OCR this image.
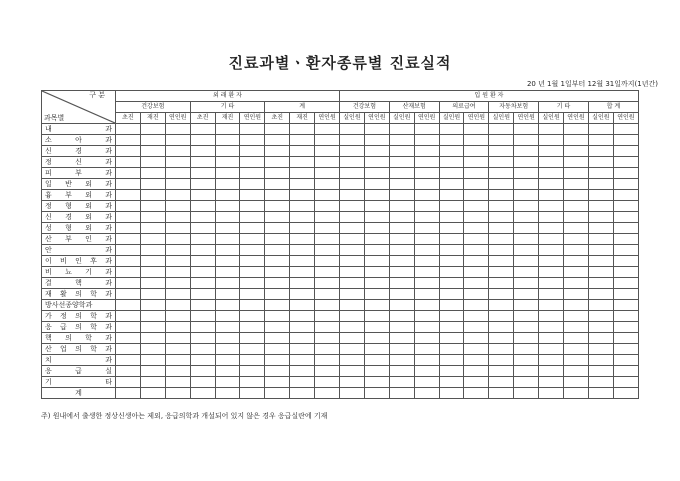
진료과별ㆍ환자종류별 진료실적
20 년 1월 1일부터 12월 31일까지(1년간)
구 분
과목별	외 래 환 자									입 원 환 자											
	건강보험			기 타			계			건강보험		산재보험		의료급여		자동차보험		기 타		합 계	
	초진	재진	연인원	초진	재진	연인원	초진	재진	연인원	실인원	연인원	실인원	연인원	실인원	연인원	실인원	연인원	실인원	연인원	실인원	연인원
내 과																					
소 아 과																					
신 경 과																					
정 신 과																					
피 부 과																					
일 반 외 과																					
흉 부 외 과																					
정 형 외 과																					
신 경 외 과																					
성 형 외 과																					
산 부 인 과																					
안 과																					
이 비 인 후 과																					
비 뇨 기 과																					
결 핵 과																					
재 활 의 학 과																					
방사선종양학과																					
가 정 의 학 과																					
응 급 의 학 과																					
핵 의 학 과																					
산 업 의 학 과																					
치 과																					
응 급 실																					
기 타																					
계																					
주) 원내에서 출생한 정상신생아는 제외, 응급의학과 개설되어 있지 않은 경우 응급실란에 기재
